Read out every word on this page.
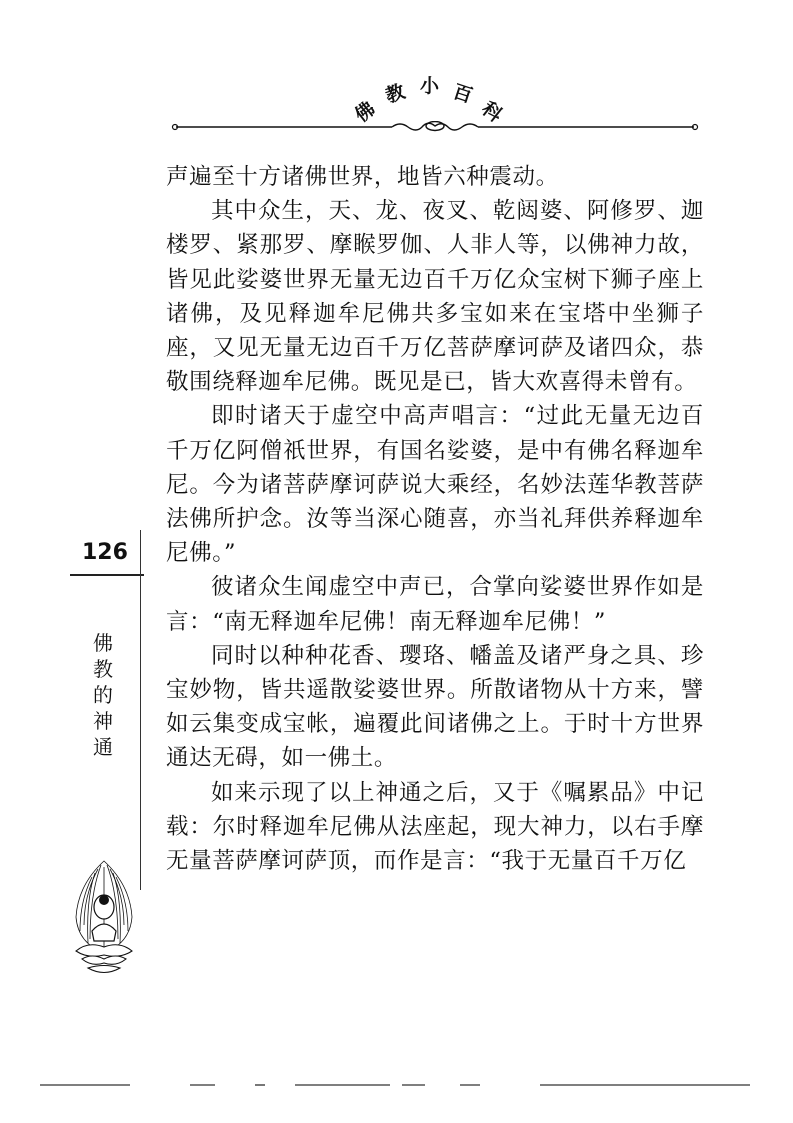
佛
教 小 百
科
126
佛
教
的
神
通

声遍至十方诸佛世界，地皆六种震动。

其中众生，天、龙、夜叉、乾闼婆、阿修罗、迦楼罗、紧那罗、摩睺罗伽、人非人等，以佛神力故，皆见此娑婆世界无量无边百千万亿众宝树下狮子座上诸佛，及见释迦牟尼佛共多宝如来在宝塔中坐狮子座，又见无量无边百千万亿菩萨摩诃萨及诸四众，恭敬围绕释迦牟尼佛。既见是已，皆大欢喜得未曾有。

即时诸天于虚空中高声唱言：“过此无量无边百千万亿阿僧祇世界，有国名娑婆，是中有佛名释迦牟尼。今为诸菩萨摩诃萨说大乘经，名妙法莲华教菩萨法佛所护念。汝等当深心随喜，亦当礼拜供养释迦牟尼佛。”

彼诸众生闻虚空中声已，合掌向娑婆世界作如是言：“南无释迦牟尼佛！南无释迦牟尼佛！”

同时以种种花香、璎珞、幡盖及诸严身之具、珍宝妙物，皆共遥散娑婆世界。所散诸物从十方来，譬如云集变成宝帐，遍覆此间诸佛之上。于时十方世界通达无碍，如一佛土。

如来示现了以上神通之后，又于《嘱累品》中记载：尔时释迦牟尼佛从法座起，现大神力，以右手摩无量菩萨摩诃萨顶，而作是言：“我于无量百千万亿
